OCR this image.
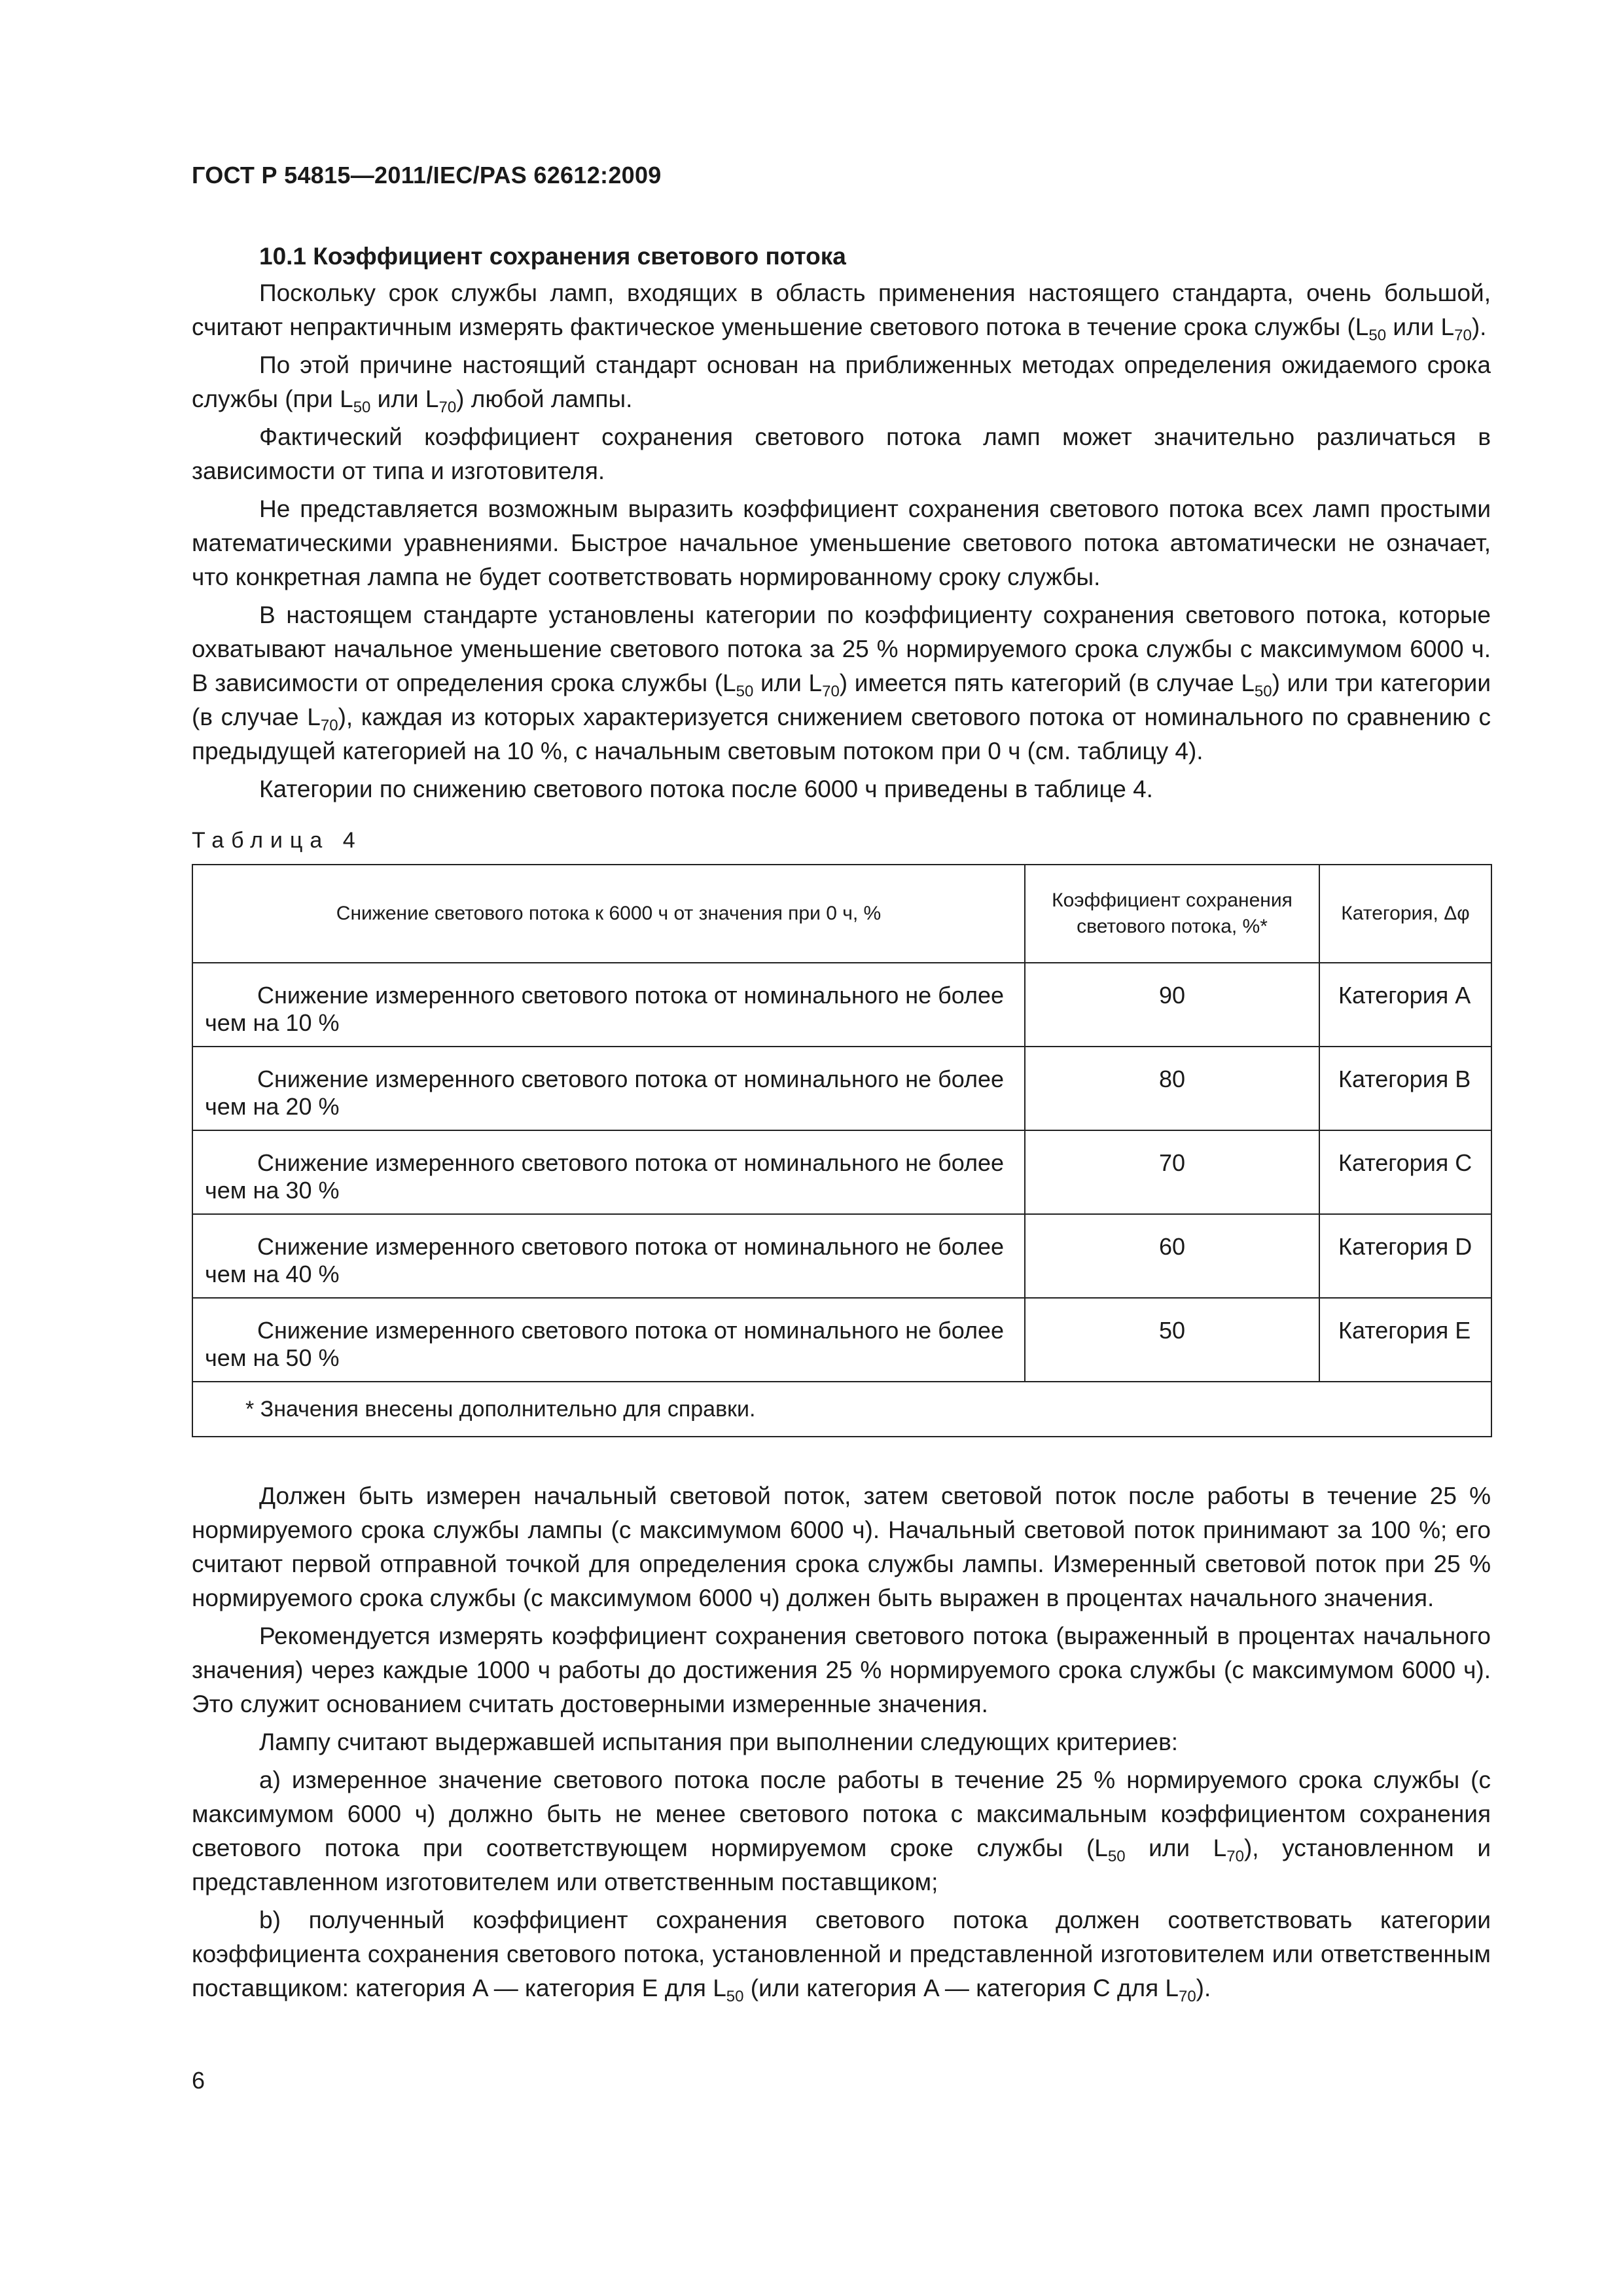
ГОСТ Р 54815—2011/IEC/PAS 62612:2009
10.1 Коэффициент сохранения светового потока
Поскольку срок службы ламп, входящих в область применения настоящего стандарта, очень большой, считают непрактичным измерять фактическое уменьшение светового потока в течение срока службы ($L_{50}$ или $L_{70}$).
По этой причине настоящий стандарт основан на приближенных методах определения ожидаемого срока службы (при $L_{50}$ или $L_{70}$) любой лампы.
Фактический коэффициент сохранения светового потока ламп может значительно различаться в зависимости от типа и изготовителя.
Не представляется возможным выразить коэффициент сохранения светового потока всех ламп простыми математическими уравнениями. Быстрое начальное уменьшение светового потока автоматически не означает, что конкретная лампа не будет соответствовать нормированному сроку службы.
В настоящем стандарте установлены категории по коэффициенту сохранения светового потока, которые охватывают начальное уменьшение светового потока за 25 % нормируемого срока службы с максимумом 6000 ч. В зависимости от определения срока службы ($L_{50}$ или $L_{70}$) имеется пять категорий (в случае $L_{50}$) или три категории (в случае $L_{70}$), каждая из которых характеризуется снижением светового потока от номинального по сравнению с предыдущей категорией на 10 %, с начальным световым потоком при 0 ч (см. таблицу 4).
Категории по снижению светового потока после 6000 ч приведены в таблице 4.
Таблица 4
Снижение светового потока к 6000 ч от значения при 0 ч, %	Коэффициент сохранения светового потока, %*	Категория, Δφ
Снижение измеренного светового потока от номинального не более чем на 10 %	90	Категория A
Снижение измеренного светового потока от номинального не более чем на 20 %	80	Категория B
Снижение измеренного светового потока от номинального не более чем на 30 %	70	Категория C
Снижение измеренного светового потока от номинального не более чем на 40 %	60	Категория D
Снижение измеренного светового потока от номинального не более чем на 50 %	50	Категория E
* Значения внесены дополнительно для справки.		
Должен быть измерен начальный световой поток, затем световой поток после работы в течение 25 % нормируемого срока службы лампы (с максимумом 6000 ч). Начальный световой поток принимают за 100 %; его считают первой отправной точкой для определения срока службы лампы. Измеренный световой поток при 25 % нормируемого срока службы (с максимумом 6000 ч) должен быть выражен в процентах начального значения.
Рекомендуется измерять коэффициент сохранения светового потока (выраженный в процентах начального значения) через каждые 1000 ч работы до достижения 25 % нормируемого срока службы (с максимумом 6000 ч). Это служит основанием считать достоверными измеренные значения.
Лампу считают выдержавшей испытания при выполнении следующих критериев:
а) измеренное значение светового потока после работы в течение 25 % нормируемого срока службы (с максимумом 6000 ч) должно быть не менее светового потока с максимальным коэффициентом сохранения светового потока при соответствующем нормируемом сроке службы ($L_{50}$ или $L_{70}$), установленном и представленном изготовителем или ответственным поставщиком;
b) полученный коэффициент сохранения светового потока должен соответствовать категории коэффициента сохранения светового потока, установленной и представленной изготовителем или ответственным поставщиком: категория A — категория E для $L_{50}$ (или категория A — категория C для $L_{70}$).
6
